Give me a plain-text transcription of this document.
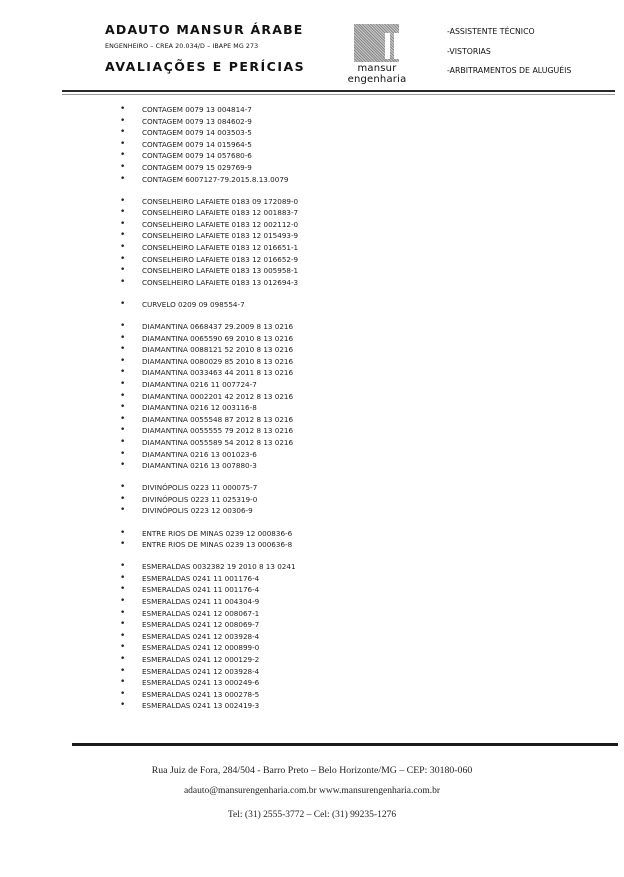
ADAUTO MANSUR ÁRABE
ENGENHEIRO – CREA 20.034/D – IBAPE MG 273
AVALIAÇÕES E PERÍCIAS	mansur engenharia
-ASSISTENTE TÉCNICO
-VISTORIAS
-ARBITRAMENTOS DE ALUGUÉIS
• CONTAGEM 0079 13 004814-7
• CONTAGEM 0079 13 084602-9
• CONTAGEM 0079 14 003503-5
• CONTAGEM 0079 14 015964-5
• CONTAGEM 0079 14 057680-6
• CONTAGEM 0079 15 029769-9
• CONTAGEM 6007127-79.2015.8.13.0079
• CONSELHEIRO LAFAIETE 0183 09 172089-0
• CONSELHEIRO LAFAIETE 0183 12 001883-7
• CONSELHEIRO LAFAIETE 0183 12 002112-0
• CONSELHEIRO LAFAIETE 0183 12 015493-9
• CONSELHEIRO LAFAIETE 0183 12 016651-1
• CONSELHEIRO LAFAIETE 0183 12 016652-9
• CONSELHEIRO LAFAIETE 0183 13 005958-1
• CONSELHEIRO LAFAIETE 0183 13 012694-3
• CURVELO 0209 09 098554-7
• DIAMANTINA 0668437 29.2009 8 13 0216
• DIAMANTINA 0065590 69 2010 8 13 0216
• DIAMANTINA 0088121 52 2010 8 13 0216
• DIAMANTINA 0080029 85 2010 8 13 0216
• DIAMANTINA 0033463 44 2011 8 13 0216
• DIAMANTINA 0216 11 007724-7
• DIAMANTINA 0002201 42 2012 8 13 0216
• DIAMANTINA 0216 12 003116-8
• DIAMANTINA 0055548 87 2012 8 13 0216
• DIAMANTINA 0055555 79 2012 8 13 0216
• DIAMANTINA 0055589 54 2012 8 13 0216
• DIAMANTINA 0216 13 001023-6
• DIAMANTINA 0216 13 007880-3
• DIVINÓPOLIS 0223 11 000075-7
• DIVINÓPOLIS 0223 11 025319-0
• DIVINÓPOLIS 0223 12 00306-9
• ENTRE RIOS DE MINAS 0239 12 000836-6
• ENTRE RIOS DE MINAS 0239 13 000636-8
• ESMERALDAS 0032382 19 2010 8 13 0241
• ESMERALDAS 0241 11 001176-4
• ESMERALDAS 0241 11 001176-4
• ESMERALDAS 0241 11 004304-9
• ESMERALDAS 0241 12 008067-1
• ESMERALDAS 0241 12 008069-7
• ESMERALDAS 0241 12 003928-4
• ESMERALDAS 0241 12 000899-0
• ESMERALDAS 0241 12 000129-2
• ESMERALDAS 0241 12 003928-4
• ESMERALDAS 0241 13 000249-6
• ESMERALDAS 0241 13 000278-5
• ESMERALDAS 0241 13 002419-3
Rua Juiz de Fora, 284/504 - Barro Preto – Belo Horizonte/MG – CEP: 30180-060
adauto@mansurengenharia.com.br www.mansurengenharia.com.br
Tel: (31) 2555-3772 – Cel: (31) 99235-1276
